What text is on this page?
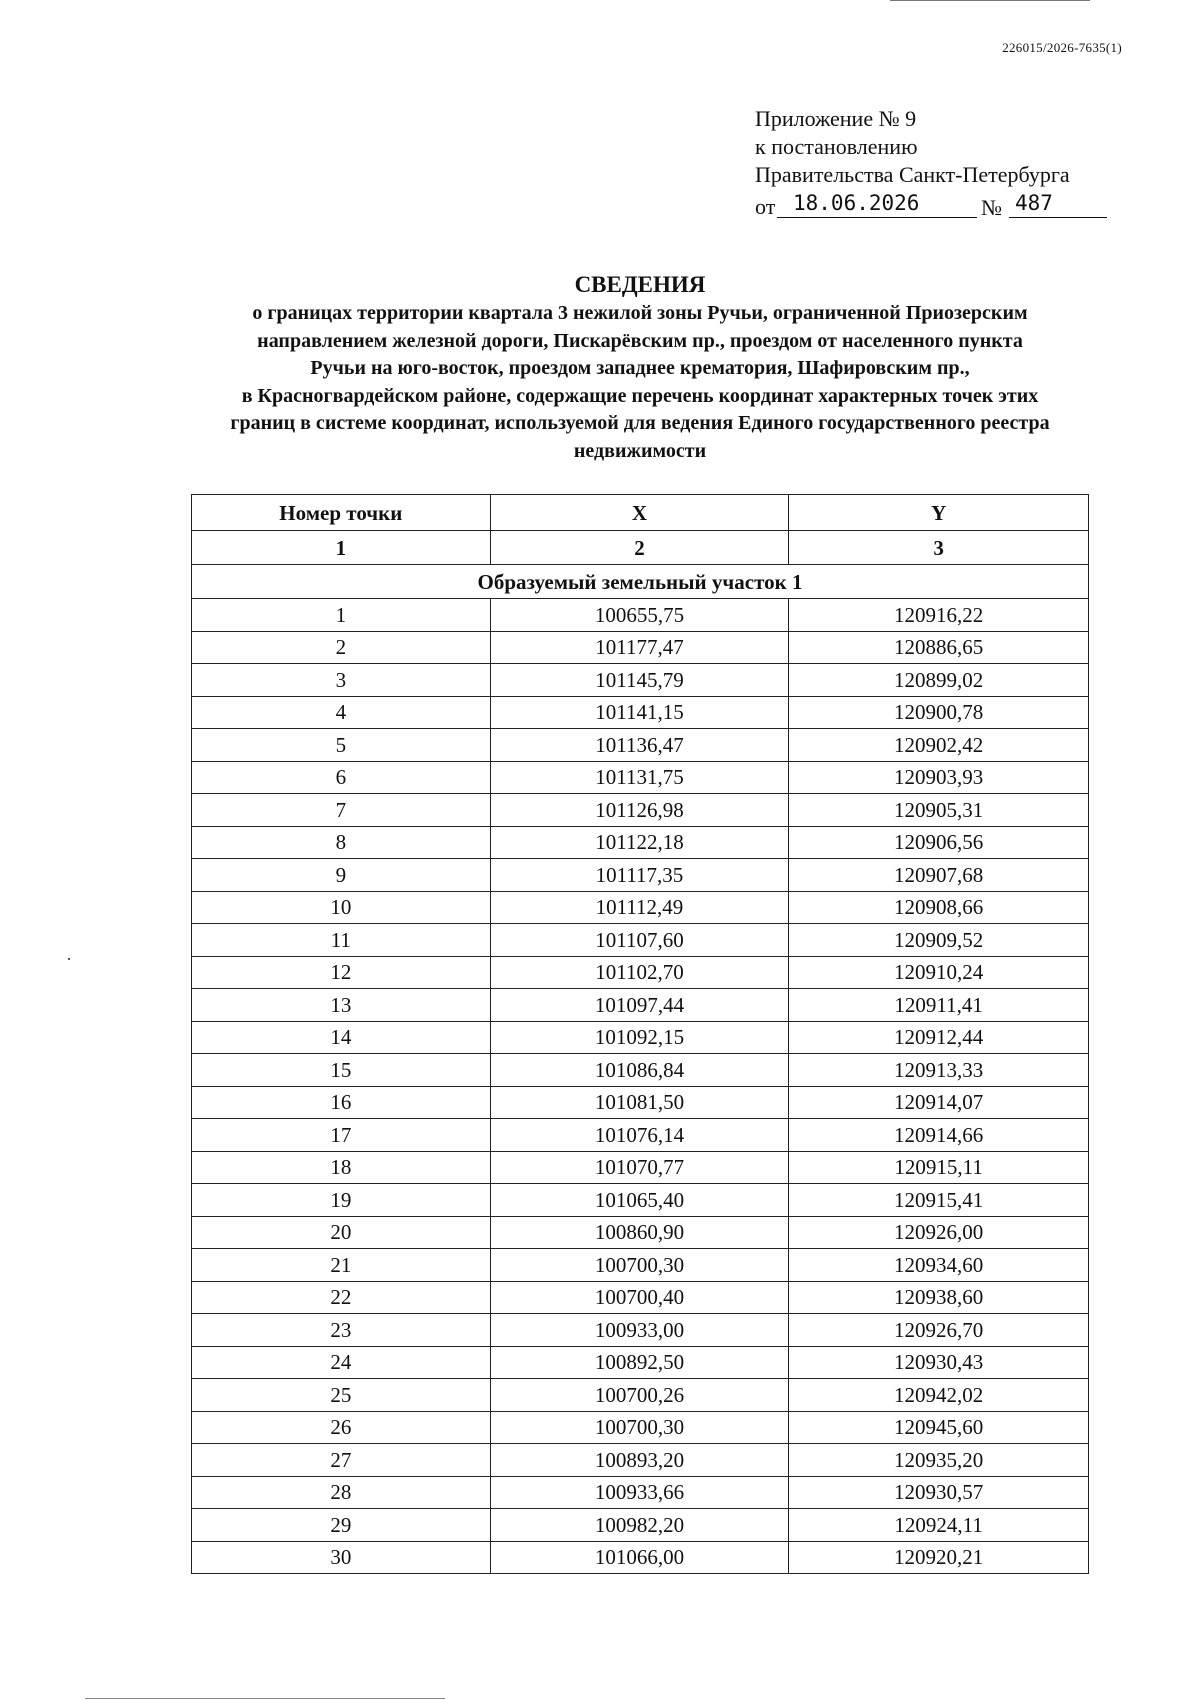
226015/2026-7635(1)
Приложение № 9
к постановлению
Правительства Санкт-Петербурга
от 18.06.2026	№ 487
СВЕДЕНИЯ
о границах территории квартала 3 нежилой зоны Ручьи, ограниченной Приозерским
направлением железной дороги, Пискарёвским пр., проездом от населенного пункта
Ручьи на юго-восток, проездом западнее крематория, Шафировским пр.,
в Красногвардейском районе, содержащие перечень координат характерных точек этих
границ в системе координат, используемой для ведения Единого государственного реестра
недвижимости
Номер точки	X	Y
1	2	3
Образуемый земельный участок 1		
1	100655,75	120916,22
2	101177,47	120886,65
3	101145,79	120899,02
4	101141,15	120900,78
5	101136,47	120902,42
6	101131,75	120903,93
7	101126,98	120905,31
8	101122,18	120906,56
9	101117,35	120907,68
10	101112,49	120908,66
11	101107,60	120909,52
12	101102,70	120910,24
13	101097,44	120911,41
14	101092,15	120912,44
15	101086,84	120913,33
16	101081,50	120914,07
17	101076,14	120914,66
18	101070,77	120915,11
19	101065,40	120915,41
20	100860,90	120926,00
21	100700,30	120934,60
22	100700,40	120938,60
23	100933,00	120926,70
24	100892,50	120930,43
25	100700,26	120942,02
26	100700,30	120945,60
27	100893,20	120935,20
28	100933,66	120930,57
29	100982,20	120924,11
30	101066,00	120920,21
